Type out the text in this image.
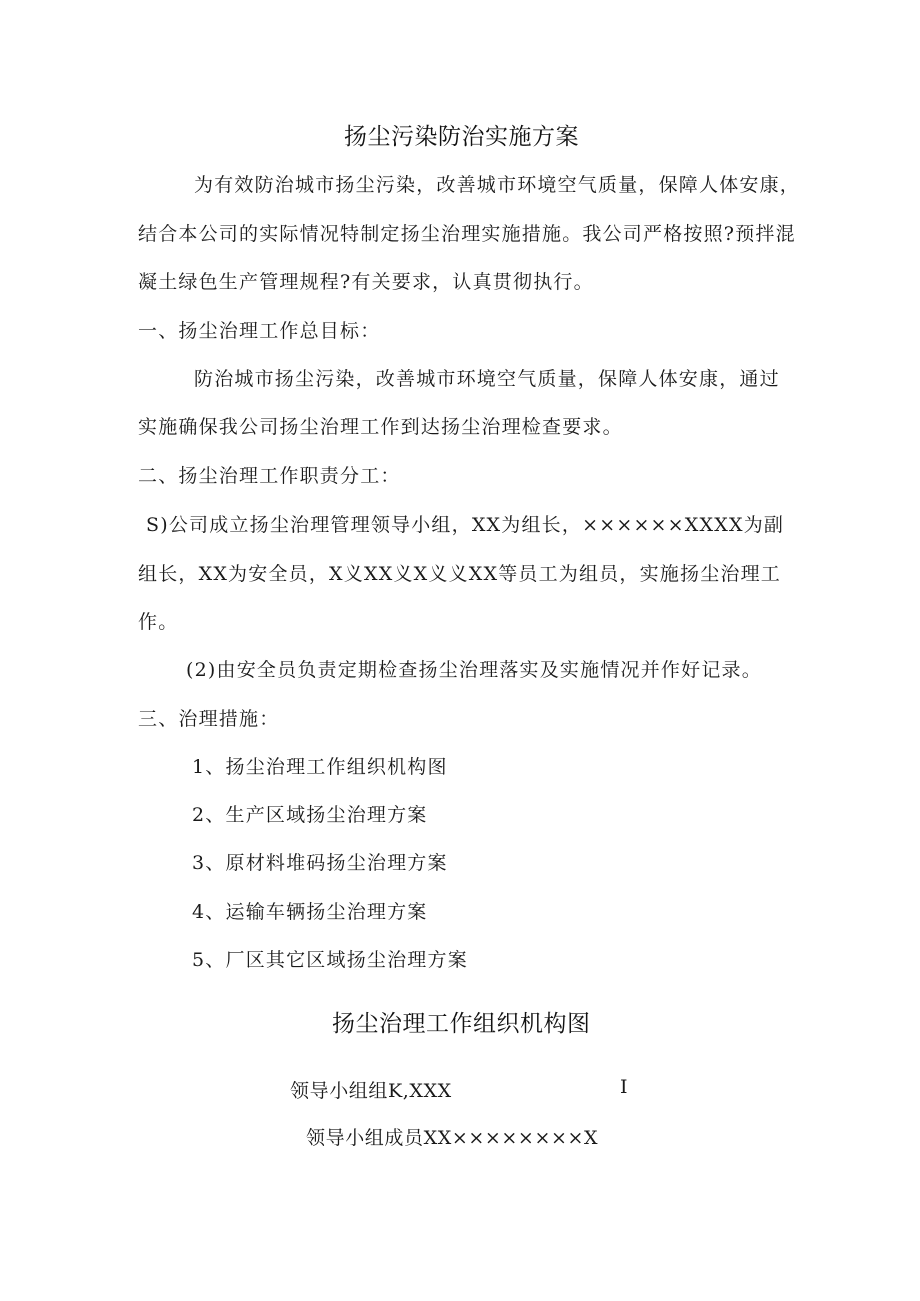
扬尘污染防治实施方案
为有效防治城市扬尘污染，改善城市环境空气质量，保障人体安康，
结合本公司的实际情况特制定扬尘治理实施措施。我公司严格按照?预拌混
凝土绿色生产管理规程?有关要求，认真贯彻执行。
一、扬尘治理工作总目标：
防治城市扬尘污染，改善城市环境空气质量，保障人体安康，通过
实施确保我公司扬尘治理工作到达扬尘治理检查要求。
二、扬尘治理工作职责分工：
S)公司成立扬尘治理管理领导小组，XX为组长，××××××XXXX为副
组长，XX为安全员，X义XX义X义义XX等员工为组员，实施扬尘治理工
作。
(2)由安全员负责定期检查扬尘治理落实及实施情况并作好记录。
三、治理措施：
1、扬尘治理工作组织机构图
2、生产区域扬尘治理方案
3、原材料堆码扬尘治理方案
4、运输车辆扬尘治理方案
5、厂区其它区域扬尘治理方案
扬尘治理工作组织机构图
领导小组组K,XXX	I
领导小组成员XX××××××××X
